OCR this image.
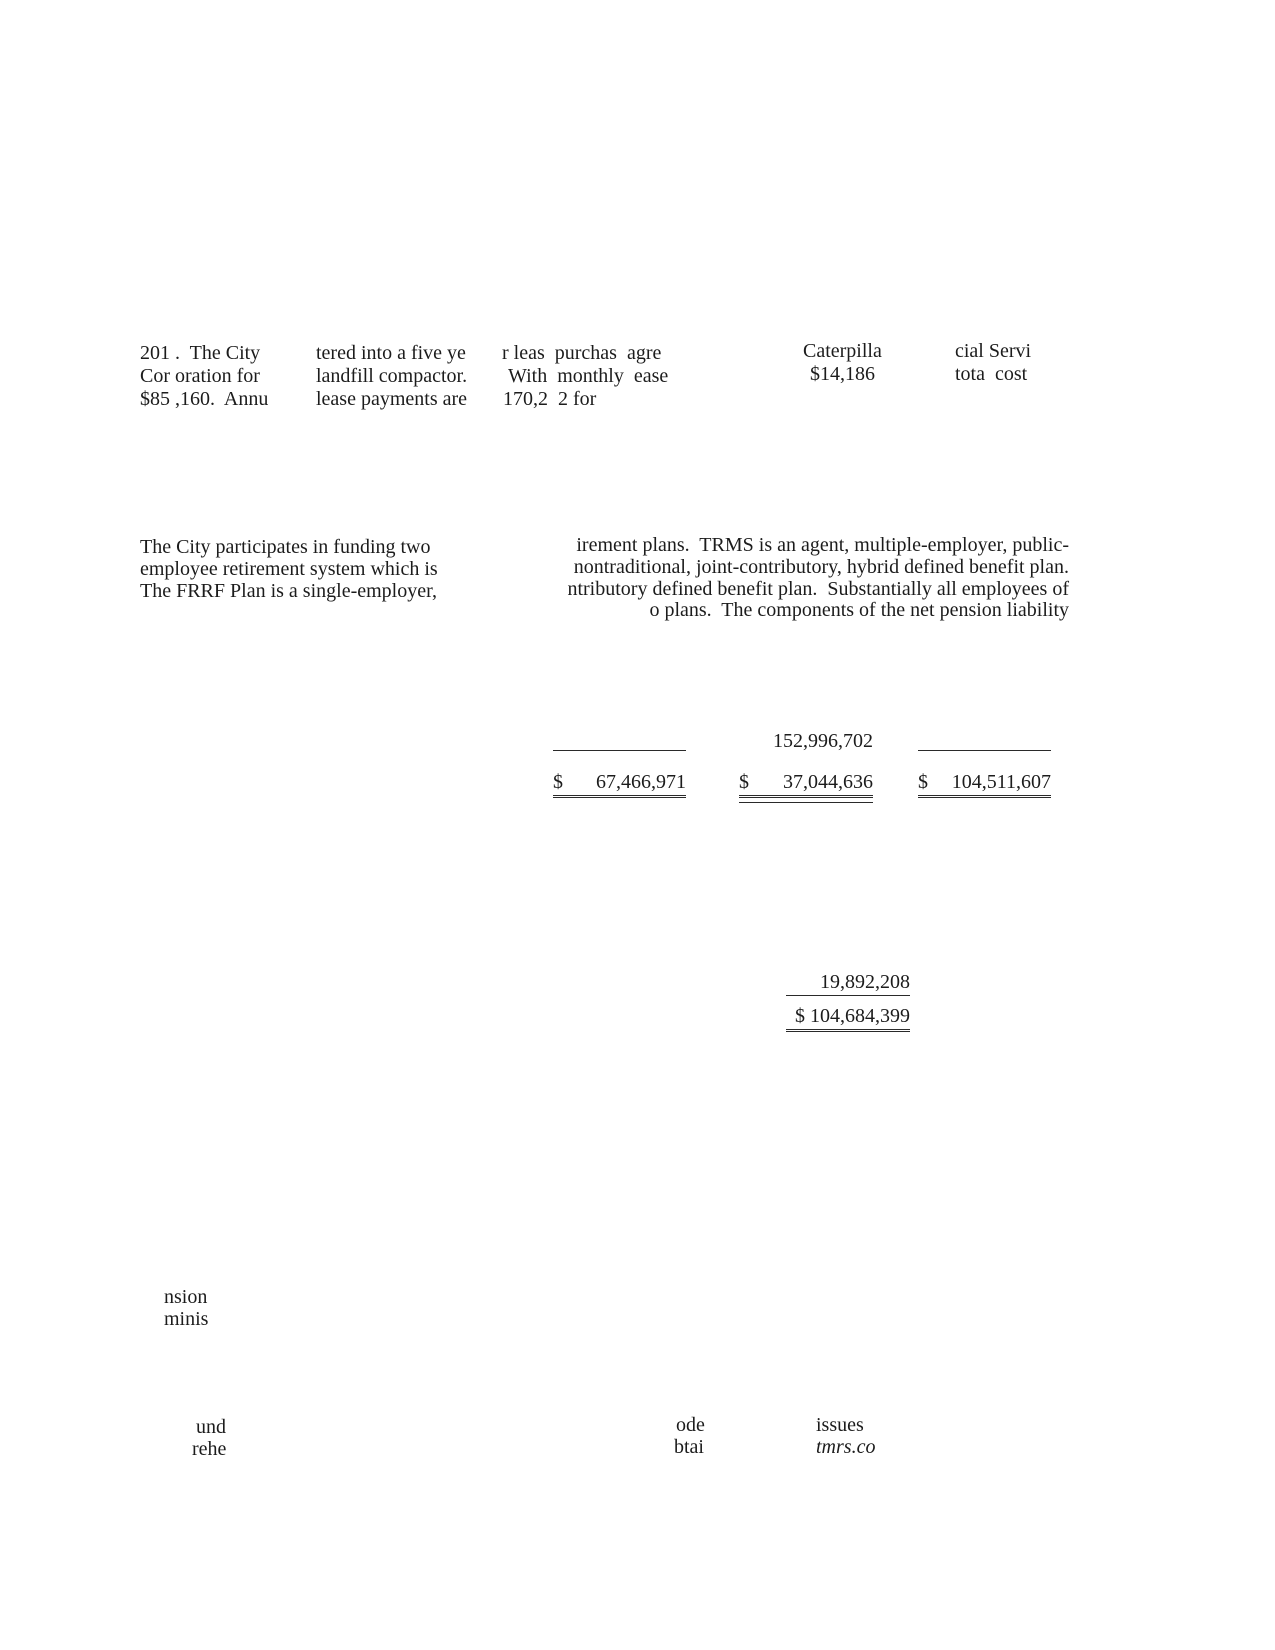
201 .  The City
Cor oration for
$85 ,160.  Annu
tered into a five ye
landfill compactor.
lease payments are
r leas  purchas  agre
With  monthly  ease
170,2  2 for
Caterpilla
$14,186
cial Servi
tota  cost
The City participates in funding two
employee retirement system which is
The FRRF Plan is a single-employer,
irement plans.  TRMS is an agent, multiple-employer, public-
nontraditional, joint-contributory, hybrid defined benefit plan.
ntributory defined benefit plan.  Substantially all employees of
o plans.  The components of the net pension liability

152,996,702

$

67,466,971

	$

37,044,636

$

104,511,607

19,892,208

$ 104,684,399

nsion
minis
und
rehe
ode
btai
issues
tmrs.co
